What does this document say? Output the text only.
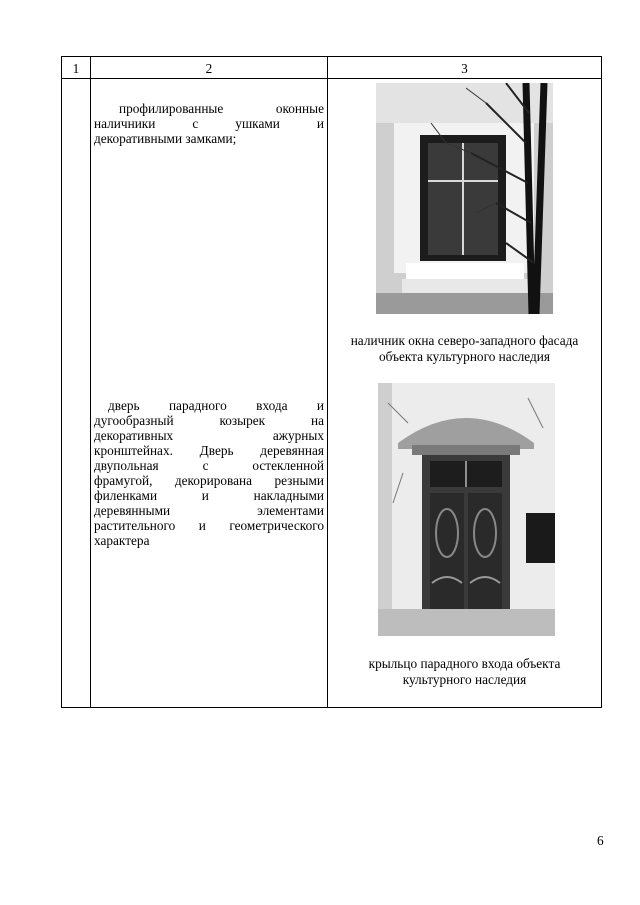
1	2	3
профилированные оконные
наличники с ушками и
декоративными замками;
наличник окна северо-западного фасада
объекта культурного наследия
дверь парадного входа и
дугообразный козырек на
декоративных ажурных
кронштейнах. Дверь деревянная
двупольная с остекленной
фрамугой, декорирована резными
филенками и накладными
деревянными элементами
растительного и геометрического
характера
крыльцо парадного входа объекта
культурного наследия
6
